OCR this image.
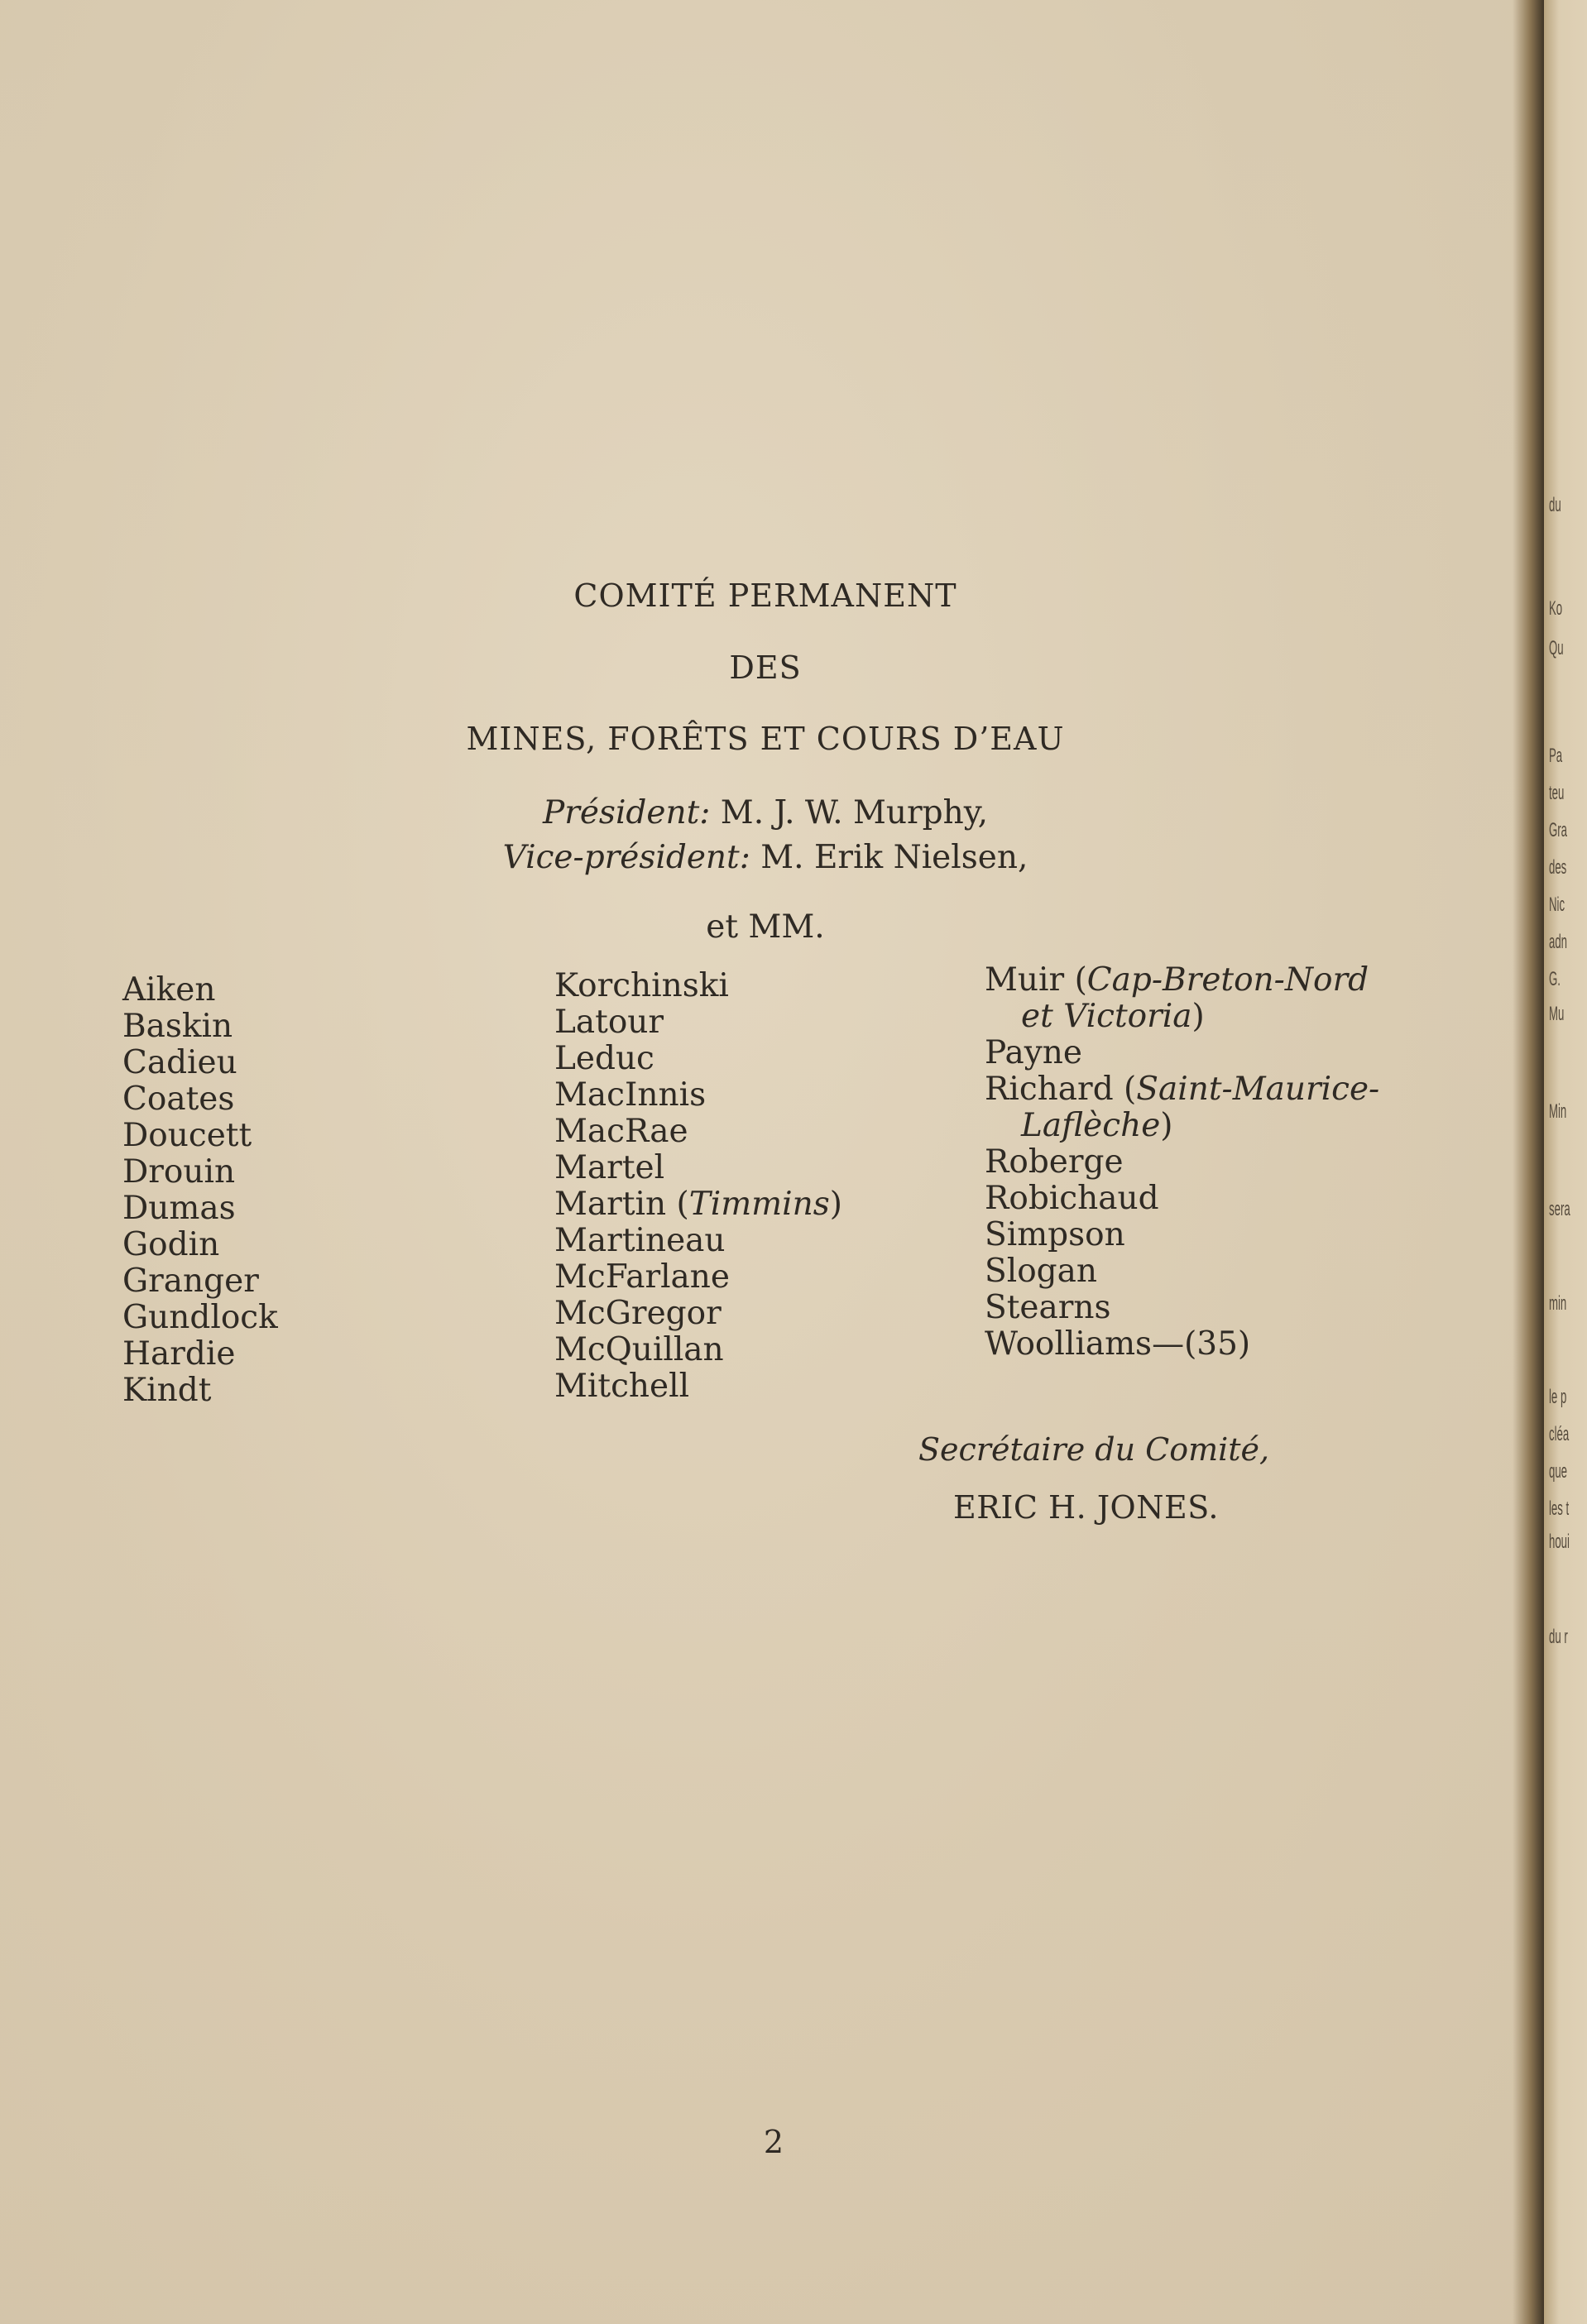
COMITÉ PERMANENT
DES
MINES, FORÊTS ET COURS D’EAU
Président: M. J. W. Murphy,
Vice-président: M. Erik Nielsen,
et MM.
Aiken
Baskin
Cadieu
Coates
Doucett
Drouin
Dumas
Godin
Granger
Gundlock
Hardie
Kindt
Korchinski
Latour
Leduc
MacInnis
MacRae
Martel
Martin (Timmins)
Martineau
McFarlane
McGregor
McQuillan
Mitchell
Muir (Cap-Breton-Nord
et Victoria)
Payne
Richard (Saint-Maurice-
Laflèche)
Roberge
Robichaud
Simpson
Slogan
Stearns
Woolliams—(35)
Secrétaire du Comité,
ERIC H. JONES.
2
du
Ko
Qu
Pa
teu
Gra
des
Nic
adn
G.
Mu
Min
sera
min
le p
cléa
que
les t
houi
du r
